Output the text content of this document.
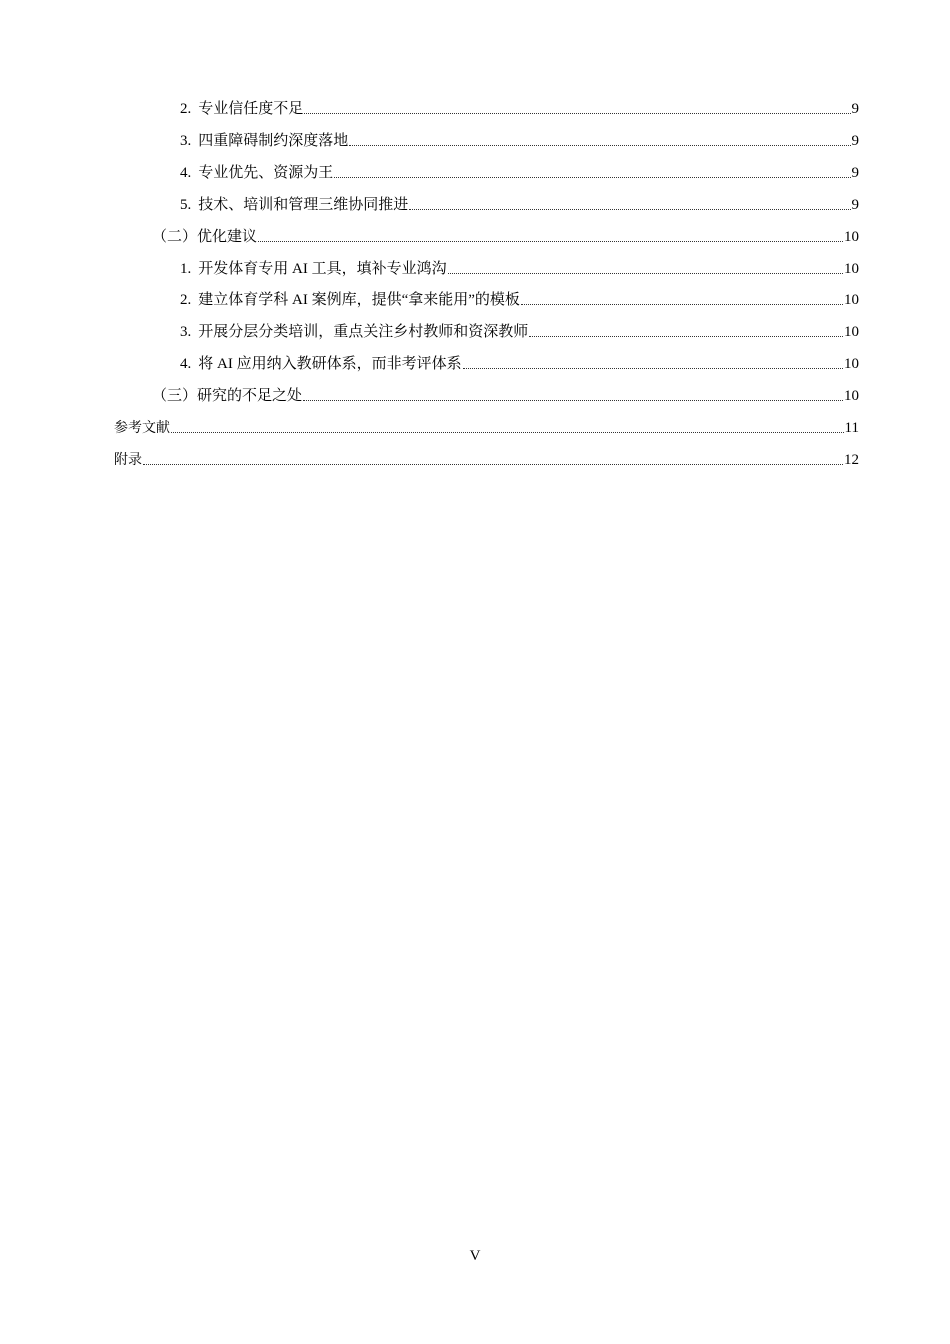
2. 专业信任度不足	9
3. 四重障碍制约深度落地	9
4. 专业优先、资源为王	9
5. 技术、培训和管理三维协同推进	9
（二）优化建议	10
1. 开发体育专用 AI 工具，填补专业鸿沟	10
2. 建立体育学科 AI 案例库，提供“拿来能用”的模板	10
3. 开展分层分类培训，重点关注乡村教师和资深教师	10
4. 将 AI 应用纳入教研体系，而非考评体系	10
（三）研究的不足之处	10
参考文献	11
附录	12
V
